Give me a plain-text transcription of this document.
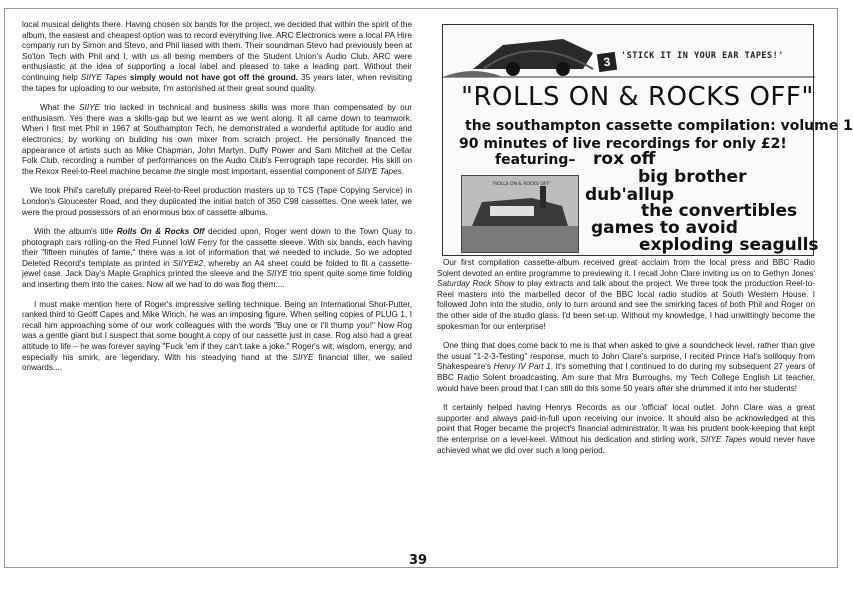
local musical delights there. Having chosen six bands for the project, we decided that within the spirit of the album, the easiest and cheapest option was to record everything live. ARC Electronics were a local PA Hire company run by Simon and Stevo, and Phil liased with them. Their soundman Stevo had previously been at So'ton Tech with Phil and I, with us all being members of the Student Union's Audio Club. ARC were enthusiastic at the idea of supporting a local label and pleased to take a leading part. Without their continuing help SIIYE Tapes simply would not have got off the ground. 35 years later, when revisiting the tapes for uploading to our website, I'm astonished at their great sound quality.

What the SIIYE trio lacked in technical and business skills was more than compensated by our enthusiasm. Yes there was a skills-gap but we learnt as we went along. It all came down to teamwork. When I first met Phil in 1967 at Southampton Tech, he demonstrated a wonderful aptitude for audio and electronics, by working on building his own mixer from scratch project. He personally financed the appearance of artists such as Mike Chapman, John Martyn, Duffy Power and Sam Mitchell at the Cellar Folk Club, recording a number of performances on the Audio Club's Ferrograph tape recorder. His skill on the Rexox Reel-to-Reel machine became the single most important, essential component of SIIYE Tapes.

We took Phil's carefully prepared Reel-to-Reel production masters up to TCS (Tape Copying Service) in London's Gloucester Road, and they duplicated the initial batch of 350 C98 cassettes. One week later, we were the proud possessors of an enormous box of cassette albums.

With the album's title Rolls On & Rocks Off decided upon, Roger went down to the Town Quay to photograph cars rolling-on the Red Funnel IoW Ferry for the cassette sleeve. With six bands, each having their "fifteen minutes of fame," there was a lot of information that we needed to include. So we adopted Deleted Record's template as printed in SIIYE#2, whereby an A4 sheet could be folded to fit a cassette-jewel case. Jack Day's Maple Graphics printed the sleeve and the SIIYE trio spent quite some time folding and inserting them into the cases. Now all we had to do was flog them....

I must make mention here of Roger's impressive selling technique. Being an International Shot-Putter, ranked third to Geoff Capes and Mike Winch, he was an imposing figure. When selling copies of PLUG 1, I recall him approaching some of our work colleagues with the words "Buy one or I'll thump you!" Now Rog was a gentle giant but I suspect that some bought a copy of our cassette just in case. Rog also had a great attitude to life – he was forever saying "Fuck 'em if they can't take a joke." Roger's wit, wisdom, energy, and especially his smirk, are legendary. With his steadying hand at the SIIYE financial tiller, we sailed onwards....

3	'STICK IT IN YOUR EAR TAPES!'
"ROLLS ON & ROCKS OFF"
the southampton cassette compilation: volume 1
90 minutes of live recordings for only £2!
featuring– rox off
big brother
dub'allup
the convertibles
games to avoid
exploding seagulls
"ROLLS ON & ROCKS OFF"

Our first compilation cassette-album received great acclaim from the local press and BBC Radio Solent devoted an entire programme to previewing it. I recall John Clare inviting us on to Gethyn Jones' Saturday Rock Show to play extracts and talk about the project. We three took the production Reel-to-Reel masters into the marbelled decor of the BBC local radio studios at South Western House. I followed John into the studio, only to turn around and see the smirking faces of both Phil and Roger on the other side of the studio glass. I'd been set-up. Without my knowledge, I had unwittingly become the spokesman for our enterprise!

One thing that does come back to me is that when asked to give a soundcheck level, rather than give the usual "1-2-3-Testing" response, much to John Clare's surprise, I recited Prince Hal's soliloquy from Shakespeare's Henry IV Part 1. It's something that I continued to do during my subsequent 27 years of BBC Radio Solent broadcasting. Am sure that Mrs Burroughs, my Tech College English Lit teacher, would have been proud that I can still do this some 50 years after she drummed it into her students!

It certainly helped having Henrys Records as our 'official' local outlet. John Clare was a great supporter and always paid-in-full upon receiving our invoice. It should also be acknowledged at this point that Roger became the project's financial administrator. It was his prudent book-keeping that kept the enterprise on a level-keel. Without his dedication and stirling work, SIIYE Tapes would never have achieved what we did over such a long period.

39
